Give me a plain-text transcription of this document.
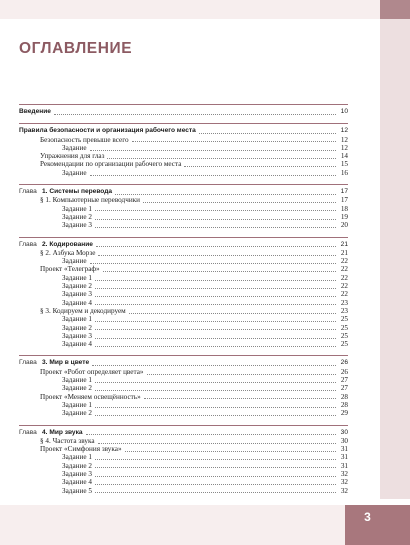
3
ОГЛАВЛЕНИЕ
Введение	10
Правила безопасности и организация рабочего места	12
Безопасность превыше всего	12
Задание	12
Упражнения для глаз	14
Рекомендации по организации рабочего места	15
Задание	16
Глава 1. Системы перевода	17
§ 1. Компьютерные переводчики	17
Задание 1	18
Задание 2	19
Задание 3	20
Глава 2. Кодирование	21
§ 2. Азбука Морзе	21
Задание	22
Проект «Телеграф»	22
Задание 1	22
Задание 2	22
Задание 3	22
Задание 4	23
§ 3. Кодируем и декодируем	23
Задание 1	25
Задание 2	25
Задание 3	25
Задание 4	25
Глава 3. Мир в цвете	26
Проект «Робот определяет цвета»	26
Задание 1	27
Задание 2	27
Проект «Меняем освещённость»	28
Задание 1	28
Задание 2	29
Глава 4. Мир звука	30
§ 4. Частота звука	30
Проект «Симфония звука»	31
Задание 1	31
Задание 2	31
Задание 3	32
Задание 4	32
Задание 5	32
